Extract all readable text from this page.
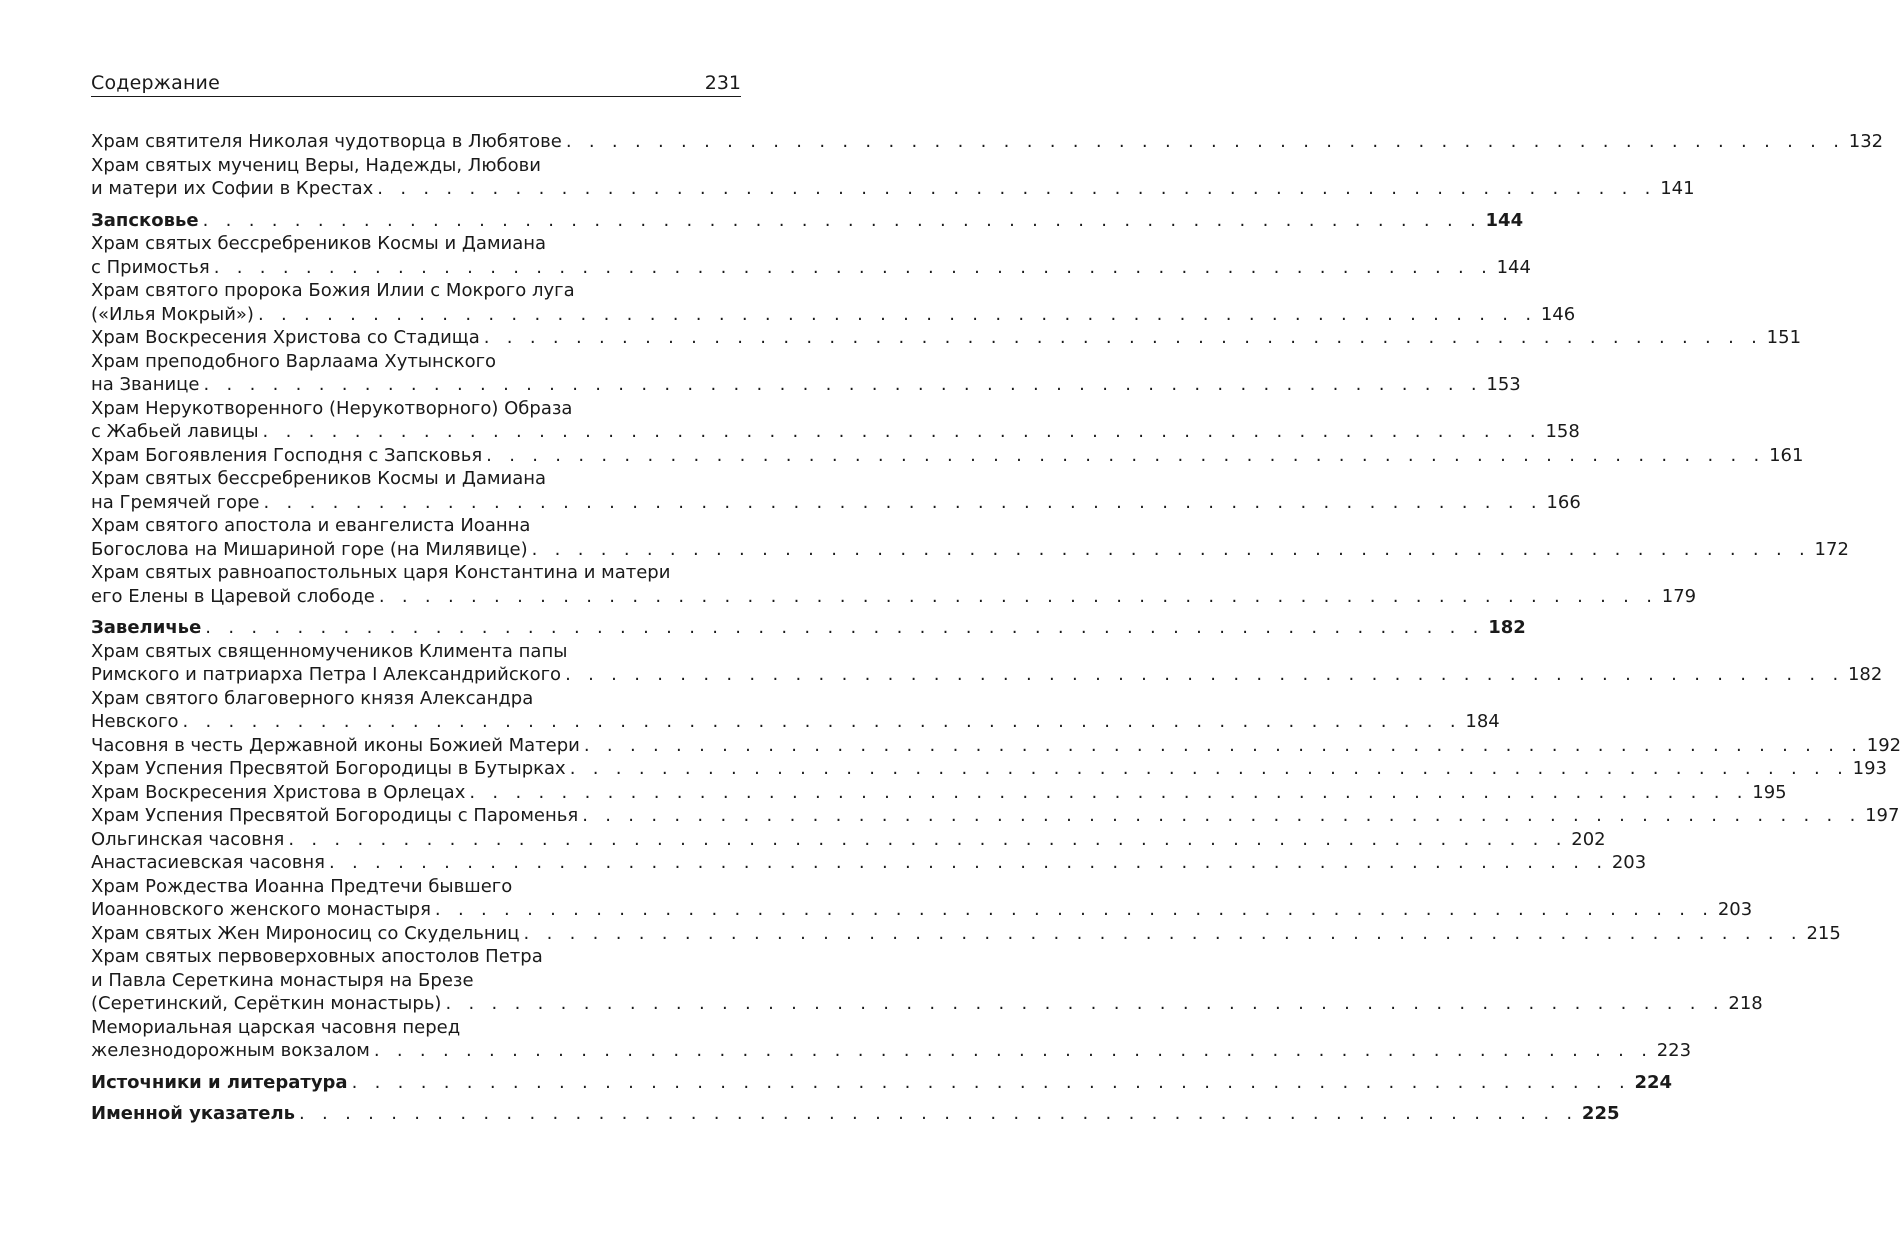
Содержание	231
Храм святителя Николая чудотворца в Любятове . . . . . . . . . . . . . . . . . . . . . . . . . . . . . . . . . . . . . . . . . . . . . . . . . . . . . . . . 132
Храм святых мучениц Веры, Надежды, Любови
и матери их Софии в Крестах . . . . . . . . . . . . . . . . . . . . . . . . . . . . . . . . . . . . . . . . . . . . . . . . . . . . . . . . 141
Запсковье . . . . . . . . . . . . . . . . . . . . . . . . . . . . . . . . . . . . . . . . . . . . . . . . . . . . . . . . 144
Храм святых бессребреников Космы и Дамиана
с Примостья . . . . . . . . . . . . . . . . . . . . . . . . . . . . . . . . . . . . . . . . . . . . . . . . . . . . . . . . 144
Храм святого пророка Божия Илии с Мокрого луга
(«Илья Мокрый») . . . . . . . . . . . . . . . . . . . . . . . . . . . . . . . . . . . . . . . . . . . . . . . . . . . . . . . . 146
Храм Воскресения Христова со Стадища . . . . . . . . . . . . . . . . . . . . . . . . . . . . . . . . . . . . . . . . . . . . . . . . . . . . . . . . 151
Храм преподобного Варлаама Хутынского
на Званице . . . . . . . . . . . . . . . . . . . . . . . . . . . . . . . . . . . . . . . . . . . . . . . . . . . . . . . . 153
Храм Нерукотворенного (Нерукотворного) Образа
с Жабьей лавицы . . . . . . . . . . . . . . . . . . . . . . . . . . . . . . . . . . . . . . . . . . . . . . . . . . . . . . . . 158
Храм Богоявления Господня с Запсковья . . . . . . . . . . . . . . . . . . . . . . . . . . . . . . . . . . . . . . . . . . . . . . . . . . . . . . . . 161
Храм святых бессребреников Космы и Дамиана
на Гремячей горе . . . . . . . . . . . . . . . . . . . . . . . . . . . . . . . . . . . . . . . . . . . . . . . . . . . . . . . . 166
Храм святого апостола и евангелиста Иоанна
Богослова на Мишариной горе (на Милявице) . . . . . . . . . . . . . . . . . . . . . . . . . . . . . . . . . . . . . . . . . . . . . . . . . . . . . . . . 172
Храм святых равноапостольных царя Константина и матери
его Елены в Царевой слободе . . . . . . . . . . . . . . . . . . . . . . . . . . . . . . . . . . . . . . . . . . . . . . . . . . . . . . . . 179
Завеличье . . . . . . . . . . . . . . . . . . . . . . . . . . . . . . . . . . . . . . . . . . . . . . . . . . . . . . . . 182
Храм святых священномучеников Климента папы
Римского и патриарха Петра I Александрийского . . . . . . . . . . . . . . . . . . . . . . . . . . . . . . . . . . . . . . . . . . . . . . . . . . . . . . . . 182
Храм святого благоверного князя Александра
Невского . . . . . . . . . . . . . . . . . . . . . . . . . . . . . . . . . . . . . . . . . . . . . . . . . . . . . . . . 184
Часовня в честь Державной иконы Божией Матери . . . . . . . . . . . . . . . . . . . . . . . . . . . . . . . . . . . . . . . . . . . . . . . . . . . . . . . . 192
Храм Успения Пресвятой Богородицы в Бутырках . . . . . . . . . . . . . . . . . . . . . . . . . . . . . . . . . . . . . . . . . . . . . . . . . . . . . . . . 193
Храм Воскресения Христова в Орлецах . . . . . . . . . . . . . . . . . . . . . . . . . . . . . . . . . . . . . . . . . . . . . . . . . . . . . . . . 195
Храм Успения Пресвятой Богородицы с Пароменья . . . . . . . . . . . . . . . . . . . . . . . . . . . . . . . . . . . . . . . . . . . . . . . . . . . . . . . . 197
Ольгинская часовня . . . . . . . . . . . . . . . . . . . . . . . . . . . . . . . . . . . . . . . . . . . . . . . . . . . . . . . . 202
Анастасиевская часовня . . . . . . . . . . . . . . . . . . . . . . . . . . . . . . . . . . . . . . . . . . . . . . . . . . . . . . . . 203
Храм Рождества Иоанна Предтечи бывшего
Иоанновского женского монастыря . . . . . . . . . . . . . . . . . . . . . . . . . . . . . . . . . . . . . . . . . . . . . . . . . . . . . . . . 203
Храм святых Жен Мироносиц со Скудельниц . . . . . . . . . . . . . . . . . . . . . . . . . . . . . . . . . . . . . . . . . . . . . . . . . . . . . . . . 215
Храм святых первоверховных апостолов Петра
и Павла Сереткина монастыря на Брезе
(Серетинский, Серёткин монастырь) . . . . . . . . . . . . . . . . . . . . . . . . . . . . . . . . . . . . . . . . . . . . . . . . . . . . . . . . 218
Мемориальная царская часовня перед
железнодорожным вокзалом . . . . . . . . . . . . . . . . . . . . . . . . . . . . . . . . . . . . . . . . . . . . . . . . . . . . . . . . 223
Источники и литература . . . . . . . . . . . . . . . . . . . . . . . . . . . . . . . . . . . . . . . . . . . . . . . . . . . . . . . . 224
Именной указатель . . . . . . . . . . . . . . . . . . . . . . . . . . . . . . . . . . . . . . . . . . . . . . . . . . . . . . . . 225
